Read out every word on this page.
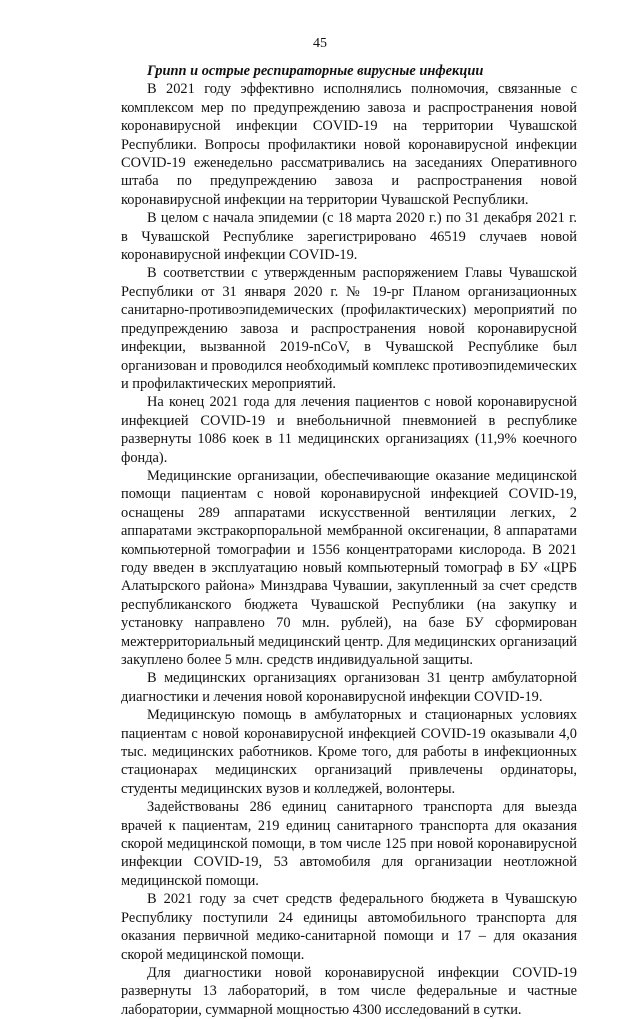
45

Грипп и острые респираторные вирусные инфекции

В 2021 году эффективно исполнялись полномочия, связанные с комплексом мер по предупреждению завоза и распространения новой коронавирусной инфекции COVID-19 на территории Чувашской Республики. Вопросы профилактики новой коронавирусной инфекции COVID-19 еженедельно рассматривались на заседаниях Оперативного штаба по предупреждению завоза и распространения новой коронавирусной инфекции на территории Чувашской Республики.

В целом с начала эпидемии (с 18 марта 2020 г.) по 31 декабря 2021 г. в Чувашской Республике зарегистрировано 46519 случаев новой коронавирусной инфекции COVID-19.

В соответствии с утвержденным распоряжением Главы Чувашской Республики от 31 января 2020 г. № 19-рг Планом организационных санитарно-противоэпидемических (профилактических) мероприятий по предупреждению завоза и распространения новой коронавирусной инфекции, вызванной 2019-nCoV, в Чувашской Республике был организован и проводился необходимый комплекс противоэпидемических и профилактических мероприятий.

На конец 2021 года для лечения пациентов с новой коронавирусной инфекцией COVID-19 и внебольничной пневмонией в республике развернуты 1086 коек в 11 медицинских организациях (11,9% коечного фонда).

Медицинские организации, обеспечивающие оказание медицинской помощи пациентам с новой коронавирусной инфекцией COVID-19, оснащены 289 аппаратами искусственной вентиляции легких, 2 аппаратами экстракорпоральной мембранной оксигенации, 8 аппаратами компьютерной томографии и 1556 концентраторами кислорода. В 2021 году введен в эксплуатацию новый компьютерный томограф в БУ «ЦРБ Алатырского района» Минздрава Чувашии, закупленный за счет средств республиканского бюджета Чувашской Республики (на закупку и установку направлено 70 млн. рублей), на базе БУ сформирован межтерриториальный медицинский центр. Для медицинских организаций закуплено более 5 млн. средств индивидуальной защиты.

В медицинских организациях организован 31 центр амбулаторной диагностики и лечения новой коронавирусной инфекции COVID-19.

Медицинскую помощь в амбулаторных и стационарных условиях пациентам с новой коронавирусной инфекцией COVID-19 оказывали 4,0 тыс. медицинских работников. Кроме того, для работы в инфекционных стационарах медицинских организаций привлечены ординаторы, студенты медицинских вузов и колледжей, волонтеры.

Задействованы 286 единиц санитарного транспорта для выезда врачей к пациентам, 219 единиц санитарного транспорта для оказания скорой медицинской помощи, в том числе 125 при новой коронавирусной инфекции COVID-19, 53 автомобиля для организации неотложной медицинской помощи.

В 2021 году за счет средств федерального бюджета в Чувашскую Республику поступили 24 единицы автомобильного транспорта для оказания первичной медико-санитарной помощи и 17 – для оказания скорой медицинской помощи.

Для диагностики новой коронавирусной инфекции COVID-19 развернуты 13 лабораторий, в том числе федеральные и частные лаборатории, суммарной мощностью 4300 исследований в сутки.
